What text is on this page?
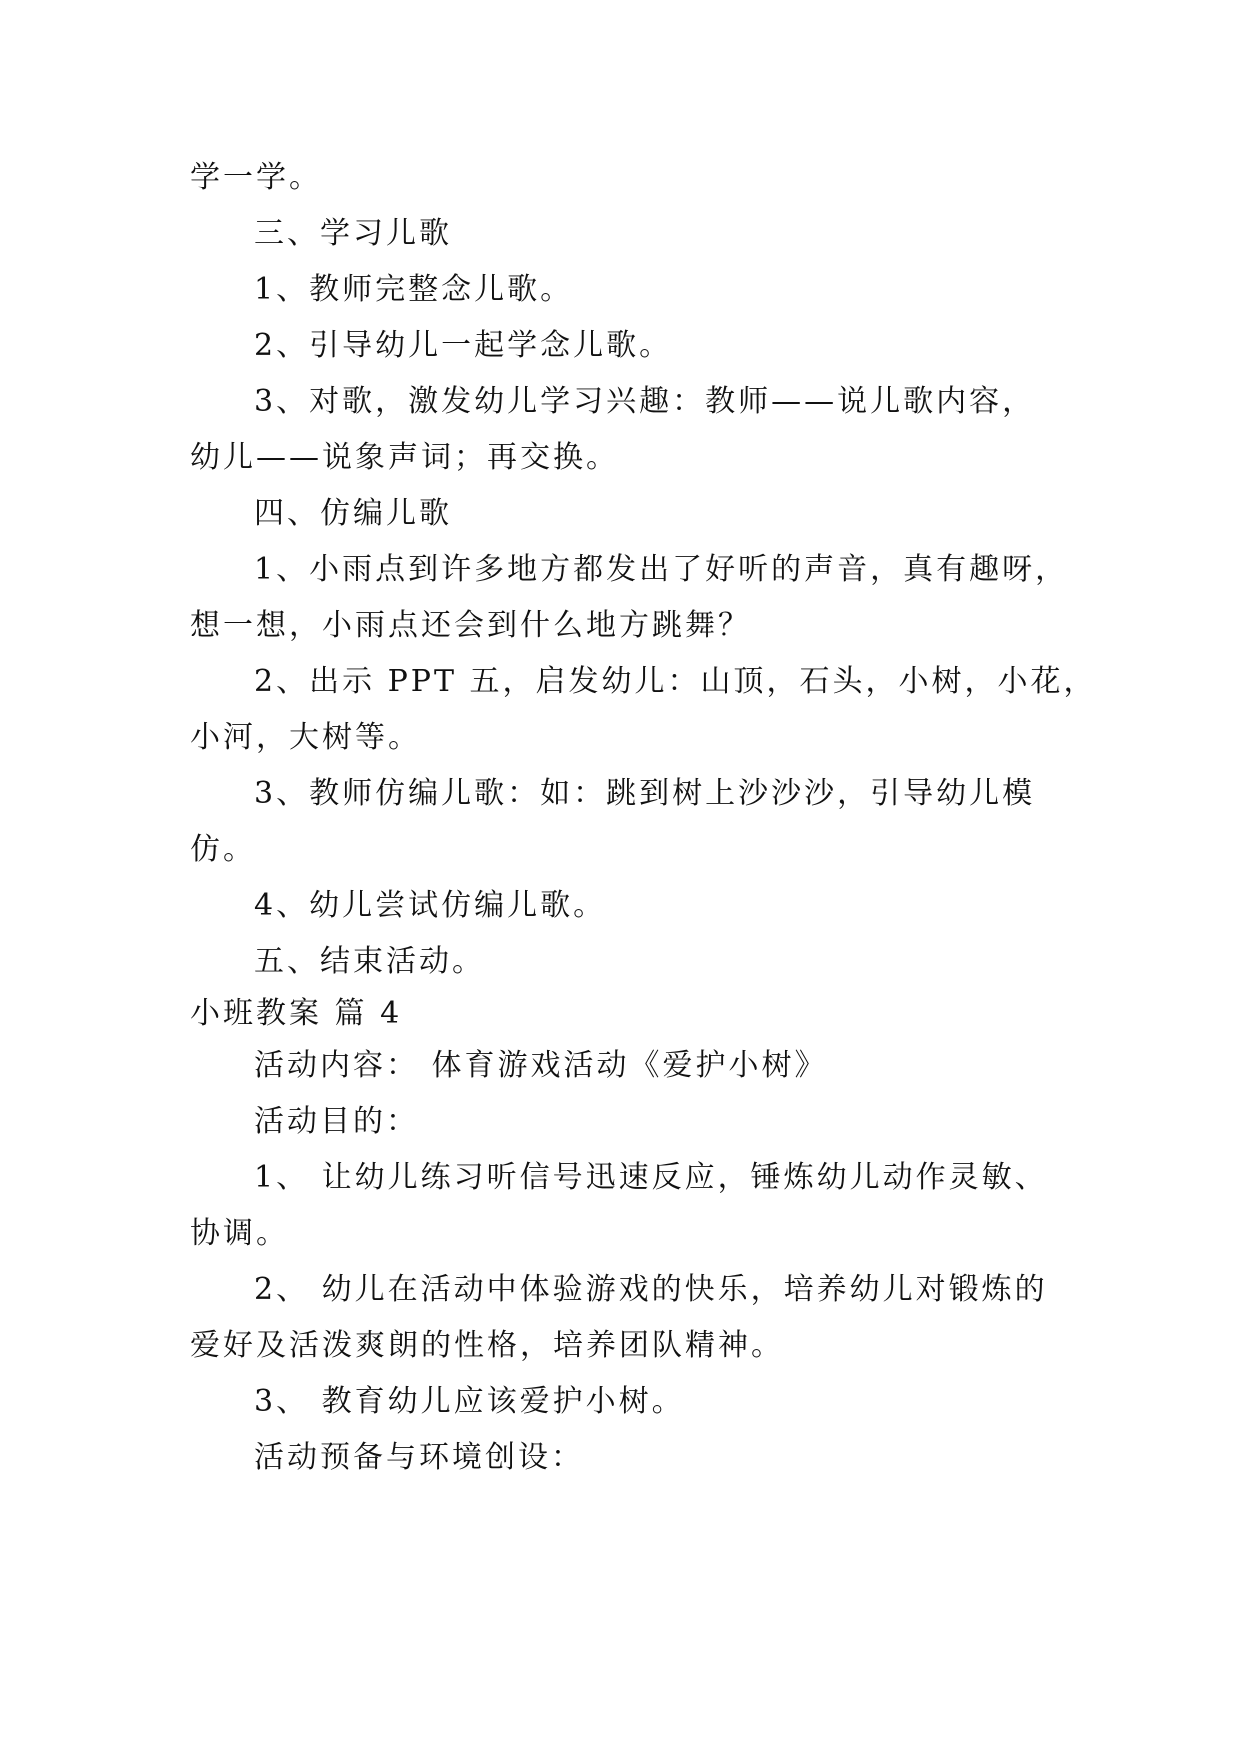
学一学。
三、学习儿歌
1、教师完整念儿歌。
2、引导幼儿一起学念儿歌。
3、对歌，激发幼儿学习兴趣：教师——说儿歌内容，
幼儿——说象声词；再交换。
四、仿编儿歌
1、小雨点到许多地方都发出了好听的声音，真有趣呀，
想一想，小雨点还会到什么地方跳舞？
2、出示 PPT 五，启发幼儿：山顶，石头，小树，小花，
小河，大树等。
3、教师仿编儿歌：如：跳到树上沙沙沙，引导幼儿模
仿。
4、幼儿尝试仿编儿歌。
五、结束活动。
小班教案 篇 4
活动内容： 体育游戏活动《爱护小树》
活动目的：
1、 让幼儿练习听信号迅速反应，锤炼幼儿动作灵敏、
协调。
2、 幼儿在活动中体验游戏的快乐，培养幼儿对锻炼的
爱好及活泼爽朗的性格，培养团队精神。
3、 教育幼儿应该爱护小树。
活动预备与环境创设：
